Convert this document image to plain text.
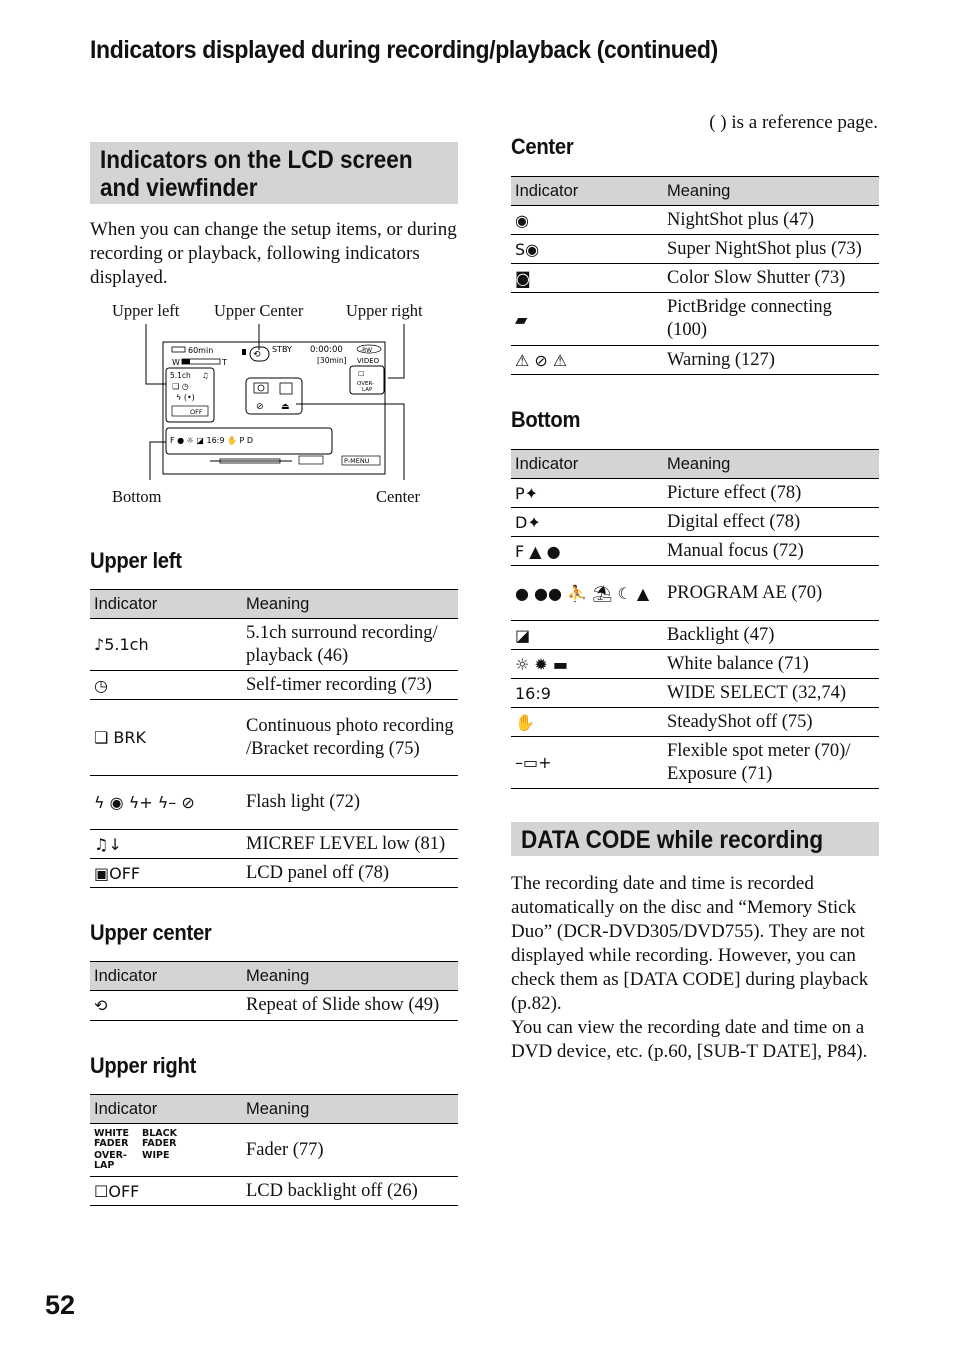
Indicators displayed during recording/playback (continued)
( ) is a reference page.
Indicators on the LCD screen and viewfinder
When you can change the setup items, or during recording or playback, following indicators displayed.
Upper left Upper Center	Upper right
Bottom	Center
60min	STBY 0:00:00	-RW
[30min] VIDEO
W	T
⟲
5.1ch ♫
❏ ◷
ϟ (•)
OFF
☐
OVER-
LAP
⊘ ⏏
F ● ☼ ◪ 16:9 ✋ P D
P-MENU
Upper left
Indicator	Meaning
♪5.1ch	5.1ch surround recording/ playback (46)
◷	Self-timer recording (73)
❏ BRK	Continuous photo recording /Bracket recording (75)
ϟ ◉ ϟ+ ϟ– ⊘	Flash light (72)
♫↓	MICREF LEVEL low (81)
▣OFF	LCD panel off (78)
Upper center
Indicator	Meaning
⟲	Repeat of Slide show (49)
Upper right
Indicator	Meaning

WHITE FADER
BLACK FADER
OVER-LAP
WIPE	Fader (77)
☐OFF	LCD backlight off (26)
Center
Indicator	Meaning
◉	NightShot plus (47)
S◉	Super NightShot plus (73)
◙	Color Slow Shutter (73)
▰	PictBridge connecting (100)
⚠ ⊘ ⚠	Warning (127)
Bottom
Indicator	Meaning
P✦	Picture effect (78)
D✦	Digital effect (78)
F ▲ ●	Manual focus (72)
● ●● ⛹ ⛱ ☾ ▲	PROGRAM AE (70)
◪	Backlight (47)
☼ ✹ ▬	White balance (71)
16:9	WIDE SELECT (32,74)
✋	SteadyShot off (75)
–▭+	Flexible spot meter (70)/ Exposure (71)
DATA CODE while recording

The recording date and time is recorded automatically on the disc and “Memory Stick Duo” (DCR-DVD305/DVD755). They are not displayed while recording. However, you can check them as [DATA CODE] during playback (p.82).

You can view the recording date and time on a DVD device, etc. (p.60, [SUB-T DATE], P84).

52
